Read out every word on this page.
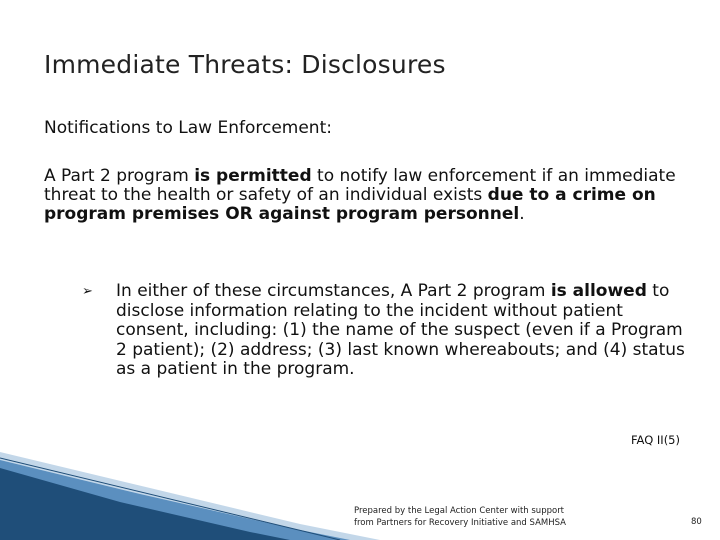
Immediate Threats: Disclosures
Notifications to Law Enforcement:
A Part 2 program is permitted to notify law enforcement if an immediate threat to the health or safety of an individual exists due to a crime on program premises OR against program personnel.
➢ In either of these circumstances, A Part 2 program is allowed to disclose information relating to the incident without patient consent, including: (1) the name of the suspect (even if a Program 2 patient); (2) address; (3) last known whereabouts; and (4) status as a patient in the program.
FAQ II(5)
Prepared by the Legal Action Center with support
from Partners for Recovery Initiative and SAMHSA	80
